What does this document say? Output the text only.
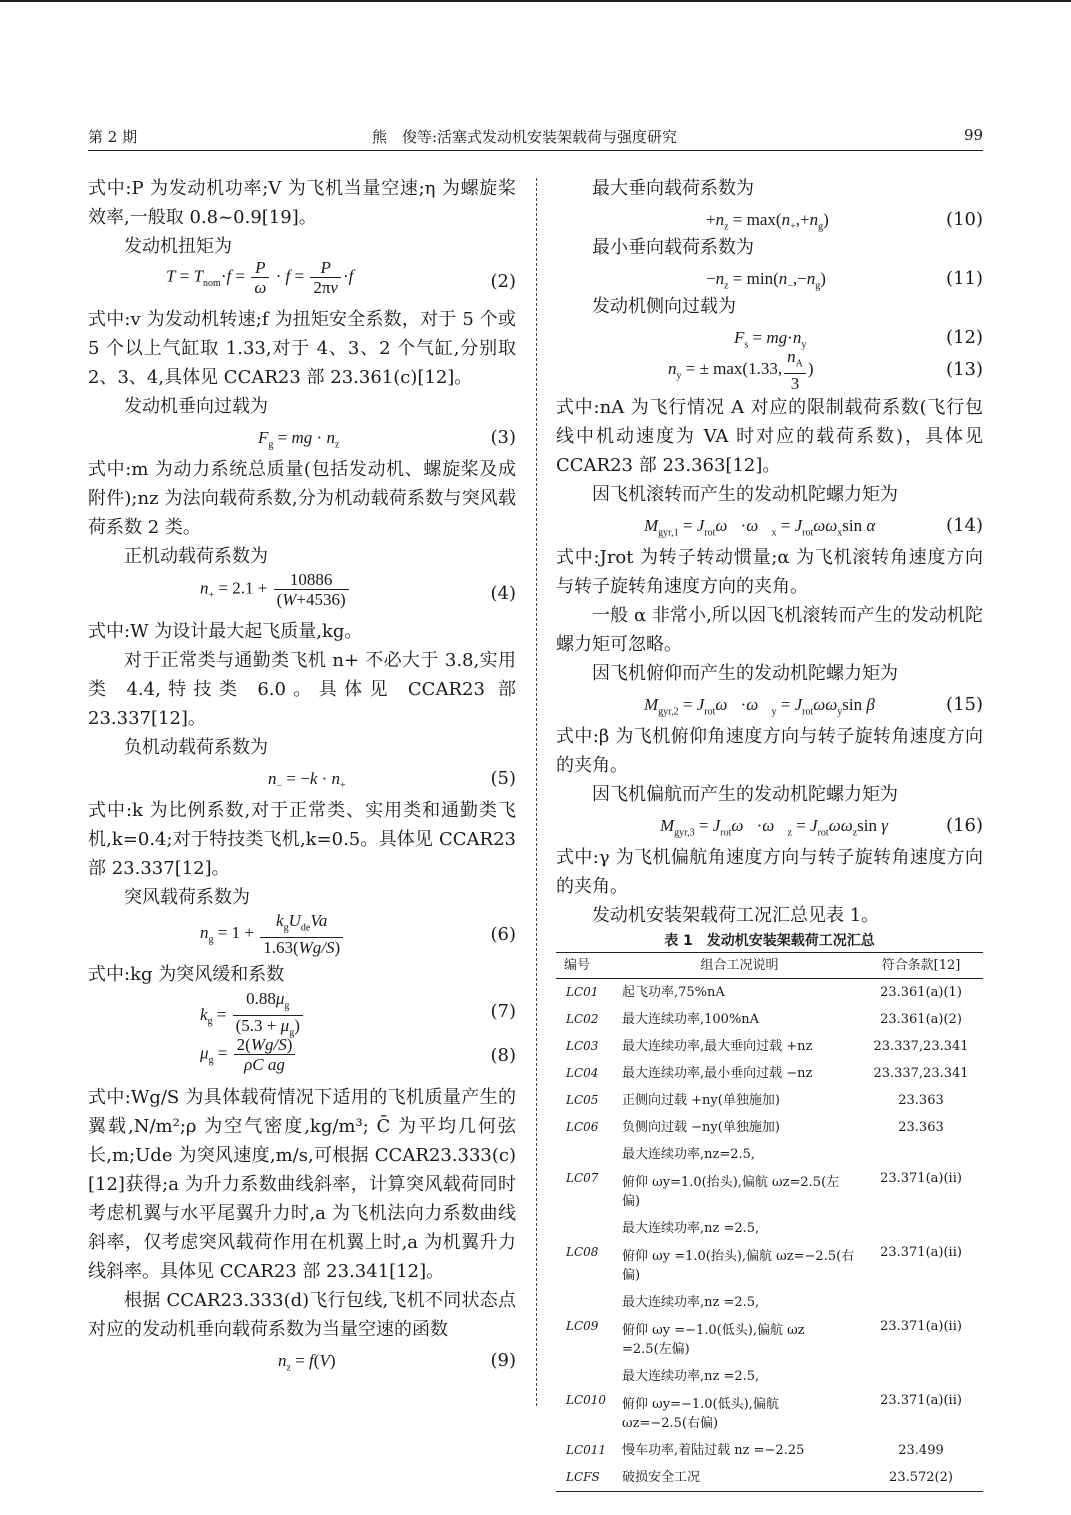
第 2 期	熊　俊等:活塞式发动机安装架载荷与强度研究	99

式中:P 为发动机功率;V 为飞机当量空速;η 为螺旋桨效率,一般取 0.8~0.9[19]。

发动机扭矩为

$T = T_{nom}\cdot f = \frac{P}{\omega} \cdot f = \frac{P}{2\pi v} \cdot f$	(2)

式中:v 为发动机转速;f 为扭矩安全系数，对于 5 个或 5 个以上气缸取 1.33,对于 4、3、2 个气缸,分别取 2、3、4,具体见 CCAR23 部 23.361(c)[12]。

发动机垂向过载为

$F_g$ = mg · $n_z$	(3)

式中:m 为动力系统总质量(包括发动机、螺旋桨及成附件);nz 为法向载荷系数,分为机动载荷系数与突风载荷系数 2 类。

正机动载荷系数为

$n_+ = 2.1 + \frac{10886}{(W+4536)}$	(4)

式中:W 为设计最大起飞质量,kg。

对于正常类与通勤类飞机 n+ 不必大于 3.8,实用类 4.4,特技类 6.0。具体见 CCAR23 部 23.337[12]。

负机动载荷系数为

$n_- = -k \cdot n_+$	(5)

式中:k 为比例系数,对于正常类、实用类和通勤类飞机,k=0.4;对于特技类飞机,k=0.5。具体见 CCAR23 部 23.337[12]。

突风载荷系数为

$n_g = 1 + \frac{k_gU_{de}Va}{1.63(Wg/S)}$	(6)

式中:kg 为突风缓和系数

$k_g = \frac{0.88\mu_g}{(5.3 + \mu_g)}$	(7)
$\mu_g = \frac{2(Wg/S)}{\rho\overline{C} ag}$	(8)

式中:Wg/S 为具体载荷情况下适用的飞机质量产生的翼载,N/m²;ρ 为空气密度,kg/m³; C̄ 为平均几何弦长,m;Ude 为突风速度,m/s,可根据 CCAR23.333(c)[12]获得;a 为升力系数曲线斜率，计算突风载荷同时考虑机翼与水平尾翼升力时,a 为飞机法向力系数曲线斜率，仅考虑突风载荷作用在机翼上时,a 为机翼升力线斜率。具体见 CCAR23 部 23.341[12]。

根据 CCAR23.333(d)飞行包线,飞机不同状态点对应的发动机垂向载荷系数为当量空速的函数

$n_z = f(V)$	(9)

最大垂向载荷系数为

$+n_z = \max(n_+,+n_g)$	(10)

最小垂向载荷系数为

$-n_z = \min(n_-,-n_g)$	(11)

发动机侧向过载为

$F_s = mg\cdot n_y$	(12)
$n_y$ = ± max(1.33, $\frac{n_A}{3}$ )	(13)

式中:nA 为飞行情况 A 对应的限制载荷系数(飞行包线中机动速度为 VA 时对应的载荷系数)，具体见 CCAR23 部 23.363[12]。

因飞机滚转而产生的发动机陀螺力矩为

$M_{gyr,1}$ = $J_{rot}\omega⃗\cdot\omega⃗_x = J_{rot}\omega\omega_x\sin$ α	(14)

式中:Jrot 为转子转动惯量;α 为飞机滚转角速度方向与转子旋转角速度方向的夹角。

一般 α 非常小,所以因飞机滚转而产生的发动机陀螺力矩可忽略。

因飞机俯仰而产生的发动机陀螺力矩为

$M_{gyr,2}$ = $J_{rot}\omega⃗\cdot\omega⃗_y = J_{rot}\omega\omega_y\sin$ β	(15)

式中:β 为飞机俯仰角速度方向与转子旋转角速度方向的夹角。

因飞机偏航而产生的发动机陀螺力矩为

$M_{gyr,3}$ = $J_{rot}\omega⃗\cdot\omega⃗_z = J_{rot}\omega\omega_z\sin$ γ	(16)

式中:γ 为飞机偏航角速度方向与转子旋转角速度方向的夹角。

发动机安装架载荷工况汇总见表 1。

表 1　发动机安装架载荷工况汇总

编号	组合工况说明	符合条款[12]
LC01	起飞功率,75%nA	23.361(a)(1)
LC02	最大连续功率,100%nA	23.361(a)(2)
LC03	最大连续功率,最大垂向过载 +nz	23.337,23.341
LC04	最大连续功率,最小垂向过载 −nz	23.337,23.341
LC05	正侧向过载 +ny(单独施加)	23.363
LC06	负侧向过载 −ny(单独施加)	23.363
LC07	最大连续功率,nz=2.5,
俯仰 ωy=1.0(抬头),偏航 ωz=2.5(左偏)	23.371(a)(ii)
LC08	最大连续功率,nz =2.5,
俯仰 ωy =1.0(抬头),偏航 ωz=−2.5(右偏)	23.371(a)(ii)
LC09	最大连续功率,nz =2.5,
俯仰 ωy =−1.0(低头),偏航 ωz =2.5(左偏)	23.371(a)(ii)
LC010	最大连续功率,nz =2.5,
俯仰 ωy=−1.0(低头),偏航 ωz=−2.5(右偏)	23.371(a)(ii)
LC011	慢车功率,着陆过载 nz =−2.25	23.499
LCFS	破损安全工况	23.572(2)
